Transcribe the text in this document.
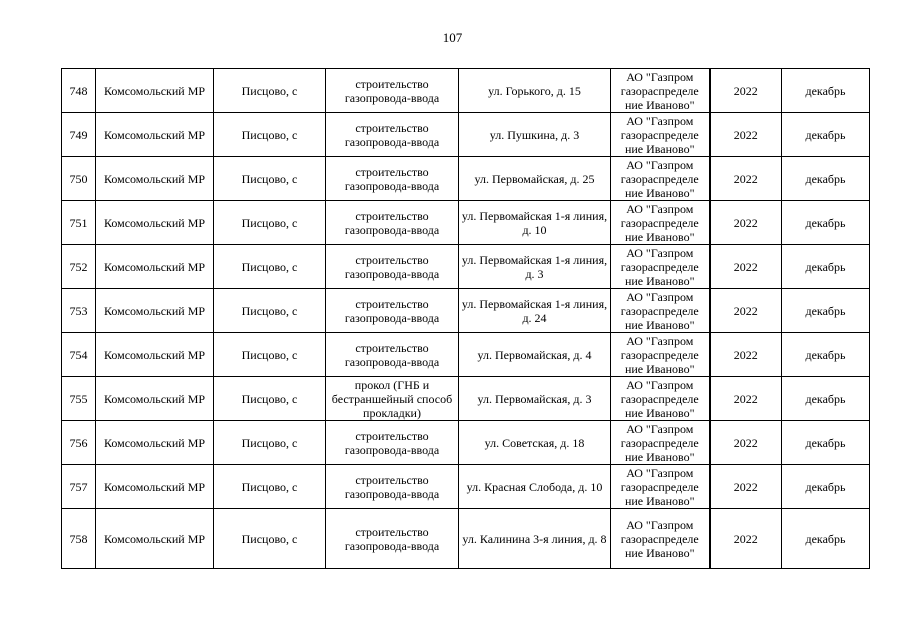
107
748	Комсомольский МР	Писцово, с	строительство газопровода-ввода	ул. Горького, д. 15	АО "Газпром газораспределе ние Иваново"	2022	декабрь
749	Комсомольский МР	Писцово, с	строительство газопровода-ввода	ул. Пушкина, д. 3	АО "Газпром газораспределе ние Иваново"	2022	декабрь
750	Комсомольский МР	Писцово, с	строительство газопровода-ввода	ул. Первомайская, д. 25	АО "Газпром газораспределе ние Иваново"	2022	декабрь
751	Комсомольский МР	Писцово, с	строительство газопровода-ввода	ул. Первомайская 1-я линия, д. 10	АО "Газпром газораспределе ние Иваново"	2022	декабрь
752	Комсомольский МР	Писцово, с	строительство газопровода-ввода	ул. Первомайская 1-я линия, д. 3	АО "Газпром газораспределе ние Иваново"	2022	декабрь
753	Комсомольский МР	Писцово, с	строительство газопровода-ввода	ул. Первомайская 1-я линия, д. 24	АО "Газпром газораспределе ние Иваново"	2022	декабрь
754	Комсомольский МР	Писцово, с	строительство газопровода-ввода	ул. Первомайская, д. 4	АО "Газпром газораспределе ние Иваново"	2022	декабрь
755	Комсомольский МР	Писцово, с	прокол (ГНБ и бестраншейный способ прокладки)	ул. Первомайская, д. 3	АО "Газпром газораспределе ние Иваново"	2022	декабрь
756	Комсомольский МР	Писцово, с	строительство газопровода-ввода	ул. Советская, д. 18	АО "Газпром газораспределе ние Иваново"	2022	декабрь
757	Комсомольский МР	Писцово, с	строительство газопровода-ввода	ул. Красная Слобода, д. 10	АО "Газпром газораспределе ние Иваново"	2022	декабрь
758	Комсомольский МР	Писцово, с	строительство газопровода-ввода	ул. Калинина 3-я линия, д. 8	АО "Газпром газораспределе ние Иваново"	2022	декабрь
